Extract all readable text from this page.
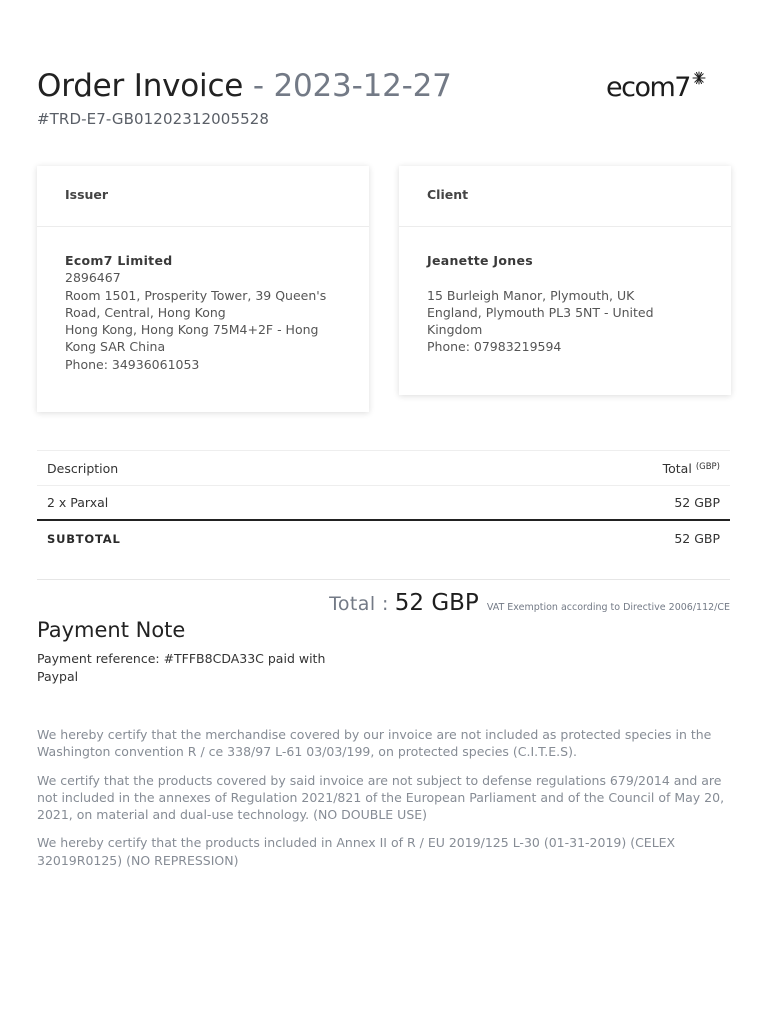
Order Invoice - 2023-12-27
#TRD-E7-GB01202312005528
ecom7
Issuer
Ecom7 Limited
2896467
Room 1501, Prosperity Tower, 39 Queen's Road, Central, Hong Kong
Hong Kong, Hong Kong 75M4+2F - Hong Kong SAR China
Phone: 34936061053
Client
Jeanette Jones
15 Burleigh Manor, Plymouth, UK
England, Plymouth PL3 5NT - United Kingdom
Phone: 07983219594
Description	Total $^{(GBP)}$
2 x Parxal	52 GBP
SUBTOTAL	52 GBP
Total : 52 GBP VAT Exemption according to Directive 2006/112/CE
Payment Note
Payment reference: #TFFB8CDA33C paid with Paypal

We hereby certify that the merchandise covered by our invoice are not included as protected species in the Washington convention R / ce 338/97 L-61 03/03/199, on protected species (C.I.T.E.S).

We certify that the products covered by said invoice are not subject to defense regulations 679/2014 and are not included in the annexes of Regulation 2021/821 of the European Parliament and of the Council of May 20, 2021, on material and dual-use technology. (NO DOUBLE USE)

We hereby certify that the products included in Annex II of R / EU 2019/125 L-30 (01-31-2019) (CELEX 32019R0125) (NO REPRESSION)
